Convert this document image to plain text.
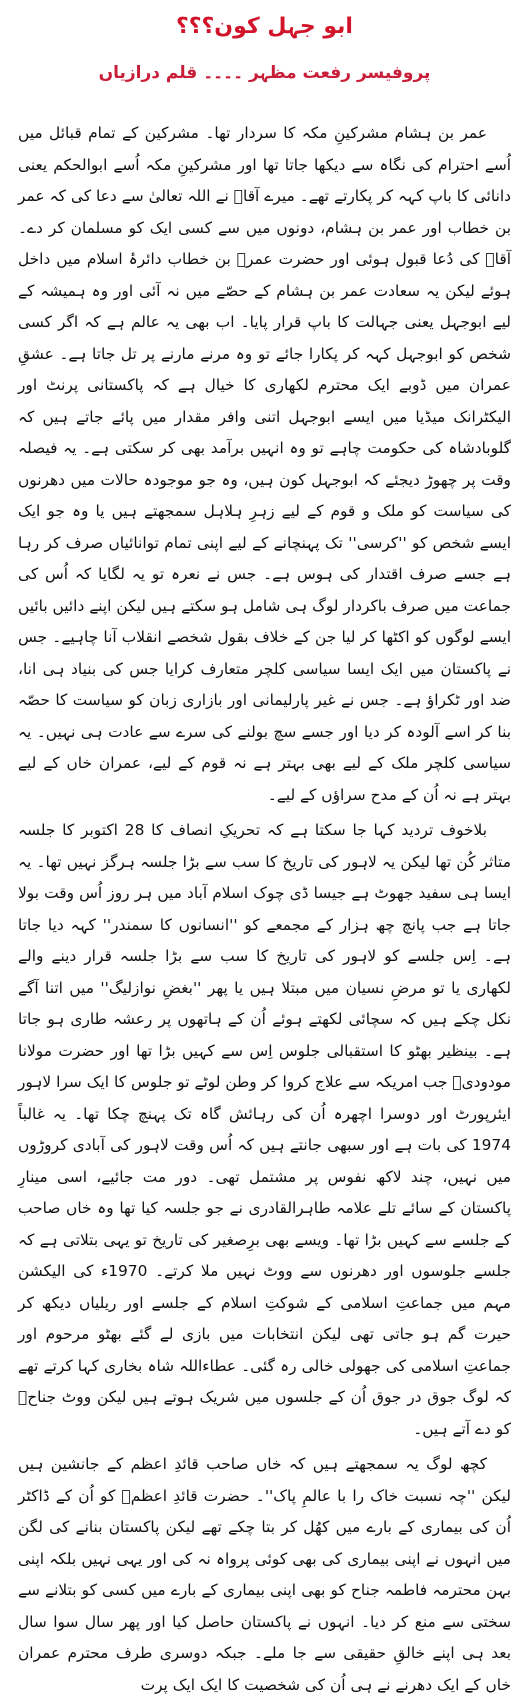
ابو جہل کون؟؟؟
پروفیسر رفعت مظہر ۔۔۔۔ قلم درازیاں

عمر بن ہشام مشرکینِ مکہ کا سردار تھا۔ مشرکین کے تمام قبائل میں اُسے احترام کی نگاہ سے دیکھا جاتا تھا اور مشرکینِ مکہ اُسے ابوالحکم یعنی دانائی کا باپ کہہ کر پکارتے تھے۔ میرے آقاﷺ نے اللہ تعالیٰ سے دعا کی کہ عمر بن خطاب اور عمر بن ہشام، دونوں میں سے کسی ایک کو مسلمان کر دے۔ آقاﷺ کی دُعا قبول ہوئی اور حضرت عمرؓ بن خطاب دائرۂ اسلام میں داخل ہوئے لیکن یہ سعادت عمر بن ہشام کے حصّے میں نہ آئی اور وہ ہمیشہ کے لیے ابوجہل یعنی جہالت کا باپ قرار پایا۔ اب بھی یہ عالم ہے کہ اگر کسی شخص کو ابوجہل کہہ کر پکارا جائے تو وہ مرنے مارنے پر تل جاتا ہے۔ عشقِ عمران میں ڈوبے ایک محترم لکھاری کا خیال ہے کہ پاکستانی پرنٹ اور الیکٹرانک میڈیا میں ایسے ابوجہل اتنی وافر مقدار میں پائے جاتے ہیں کہ گلوبادشاہ کی حکومت چاہے تو وہ انہیں برآمد بھی کر سکتی ہے۔ یہ فیصلہ وقت پر چھوڑ دیجئے کہ ابوجہل کون ہیں، وہ جو موجودہ حالات میں دھرنوں کی سیاست کو ملک و قوم کے لیے زہرِ ہلاہل سمجھتے ہیں یا وہ جو ایک ایسے شخص کو ''کرسی'' تک پہنچانے کے لیے اپنی تمام توانائیاں صرف کر رہا ہے جسے صرف اقتدار کی ہوس ہے۔ جس نے نعرہ تو یہ لگایا کہ اُس کی جماعت میں صرف باکردار لوگ ہی شامل ہو سکتے ہیں لیکن اپنے دائیں بائیں ایسے لوگوں کو اکٹھا کر لیا جن کے خلاف بقول شخصے انقلاب آنا چاہیے۔ جس نے پاکستان میں ایک ایسا سیاسی کلچر متعارف کرایا جس کی بنیاد ہی انا، ضد اور ٹکراؤ ہے۔ جس نے غیر پارلیمانی اور بازاری زبان کو سیاست کا حصّہ بنا کر اسے آلودہ کر دیا اور جسے سچ بولنے کی سرے سے عادت ہی نہیں۔ یہ سیاسی کلچر ملک کے لیے بھی بہتر ہے نہ قوم کے لیے، عمران خاں کے لیے بہتر ہے نہ اُن کے مدح سراؤں کے لیے۔

بلاخوف تردید کہا جا سکتا ہے کہ تحریکِ انصاف کا 28 اکتوبر کا جلسہ متاثر کُن تھا لیکن یہ لاہور کی تاریخ کا سب سے بڑا جلسہ ہرگز نہیں تھا۔ یہ ایسا ہی سفید جھوٹ ہے جیسا ڈی چوک اسلام آباد میں ہر روز اُس وقت بولا جاتا ہے جب پانچ چھ ہزار کے مجمعے کو ''انسانوں کا سمندر'' کہہ دیا جاتا ہے۔ اِس جلسے کو لاہور کی تاریخ کا سب سے بڑا جلسہ قرار دینے والے لکھاری یا تو مرضِ نسیان میں مبتلا ہیں یا پھر ''بغضِ نوازلیگ'' میں اتنا آگے نکل چکے ہیں کہ سچائی لکھتے ہوئے اُن کے ہاتھوں پر رعشہ طاری ہو جاتا ہے۔ بینظیر بھٹو کا استقبالی جلوس اِس سے کہیں بڑا تھا اور حضرت مولانا مودودیؒ جب امریکہ سے علاج کروا کر وطن لوٹے تو جلوس کا ایک سرا لاہور ایئرپورٹ اور دوسرا اچھرہ اُن کی رہائش گاہ تک پہنچ چکا تھا۔ یہ غالباً 1974 کی بات ہے اور سبھی جانتے ہیں کہ اُس وقت لاہور کی آبادی کروڑوں میں نہیں، چند لاکھ نفوس پر مشتمل تھی۔ دور مت جائیے، اسی مینارِ پاکستان کے سائے تلے علامہ طاہرالقادری نے جو جلسہ کیا تھا وہ خاں صاحب کے جلسے سے کہیں بڑا تھا۔ ویسے بھی برِصغیر کی تاریخ تو یہی بتلاتی ہے کہ جلسے جلوسوں اور دھرنوں سے ووٹ نہیں ملا کرتے۔ 1970ء کی الیکشن مہم میں جماعتِ اسلامی کے شوکتِ اسلام کے جلسے اور ریلیاں دیکھ کر حیرت گم ہو جاتی تھی لیکن انتخابات میں بازی لے گئے بھٹو مرحوم اور جماعتِ اسلامی کی جھولی خالی رہ گئی۔ عطاءاللہ شاہ بخاری کہا کرتے تھے کہ لوگ جوق در جوق اُن کے جلسوں میں شریک ہوتے ہیں لیکن ووٹ جناحؒ کو دے آتے ہیں۔

کچھ لوگ یہ سمجھتے ہیں کہ خاں صاحب قائدِ اعظم کے جانشین ہیں لیکن ''چہ نسبت خاک را با عالمِ پاک''۔ حضرت قائدِ اعظمؒ کو اُن کے ڈاکٹر اُن کی بیماری کے بارے میں کھُل کر بتا چکے تھے لیکن پاکستان بنانے کی لگن میں انہوں نے اپنی بیماری کی بھی کوئی پرواہ نہ کی اور یہی نہیں بلکہ اپنی بہن محترمہ فاطمہ جناح کو بھی اپنی بیماری کے بارے میں کسی کو بتلانے سے سختی سے منع کر دیا۔ انہوں نے پاکستان حاصل کیا اور پھر سال سوا سال بعد ہی اپنے خالقِ حقیقی سے جا ملے۔ جبکہ دوسری طرف محترم عمران خاں کے ایک دھرنے نے ہی اُن کی شخصیت کا ایک ایک پرت
